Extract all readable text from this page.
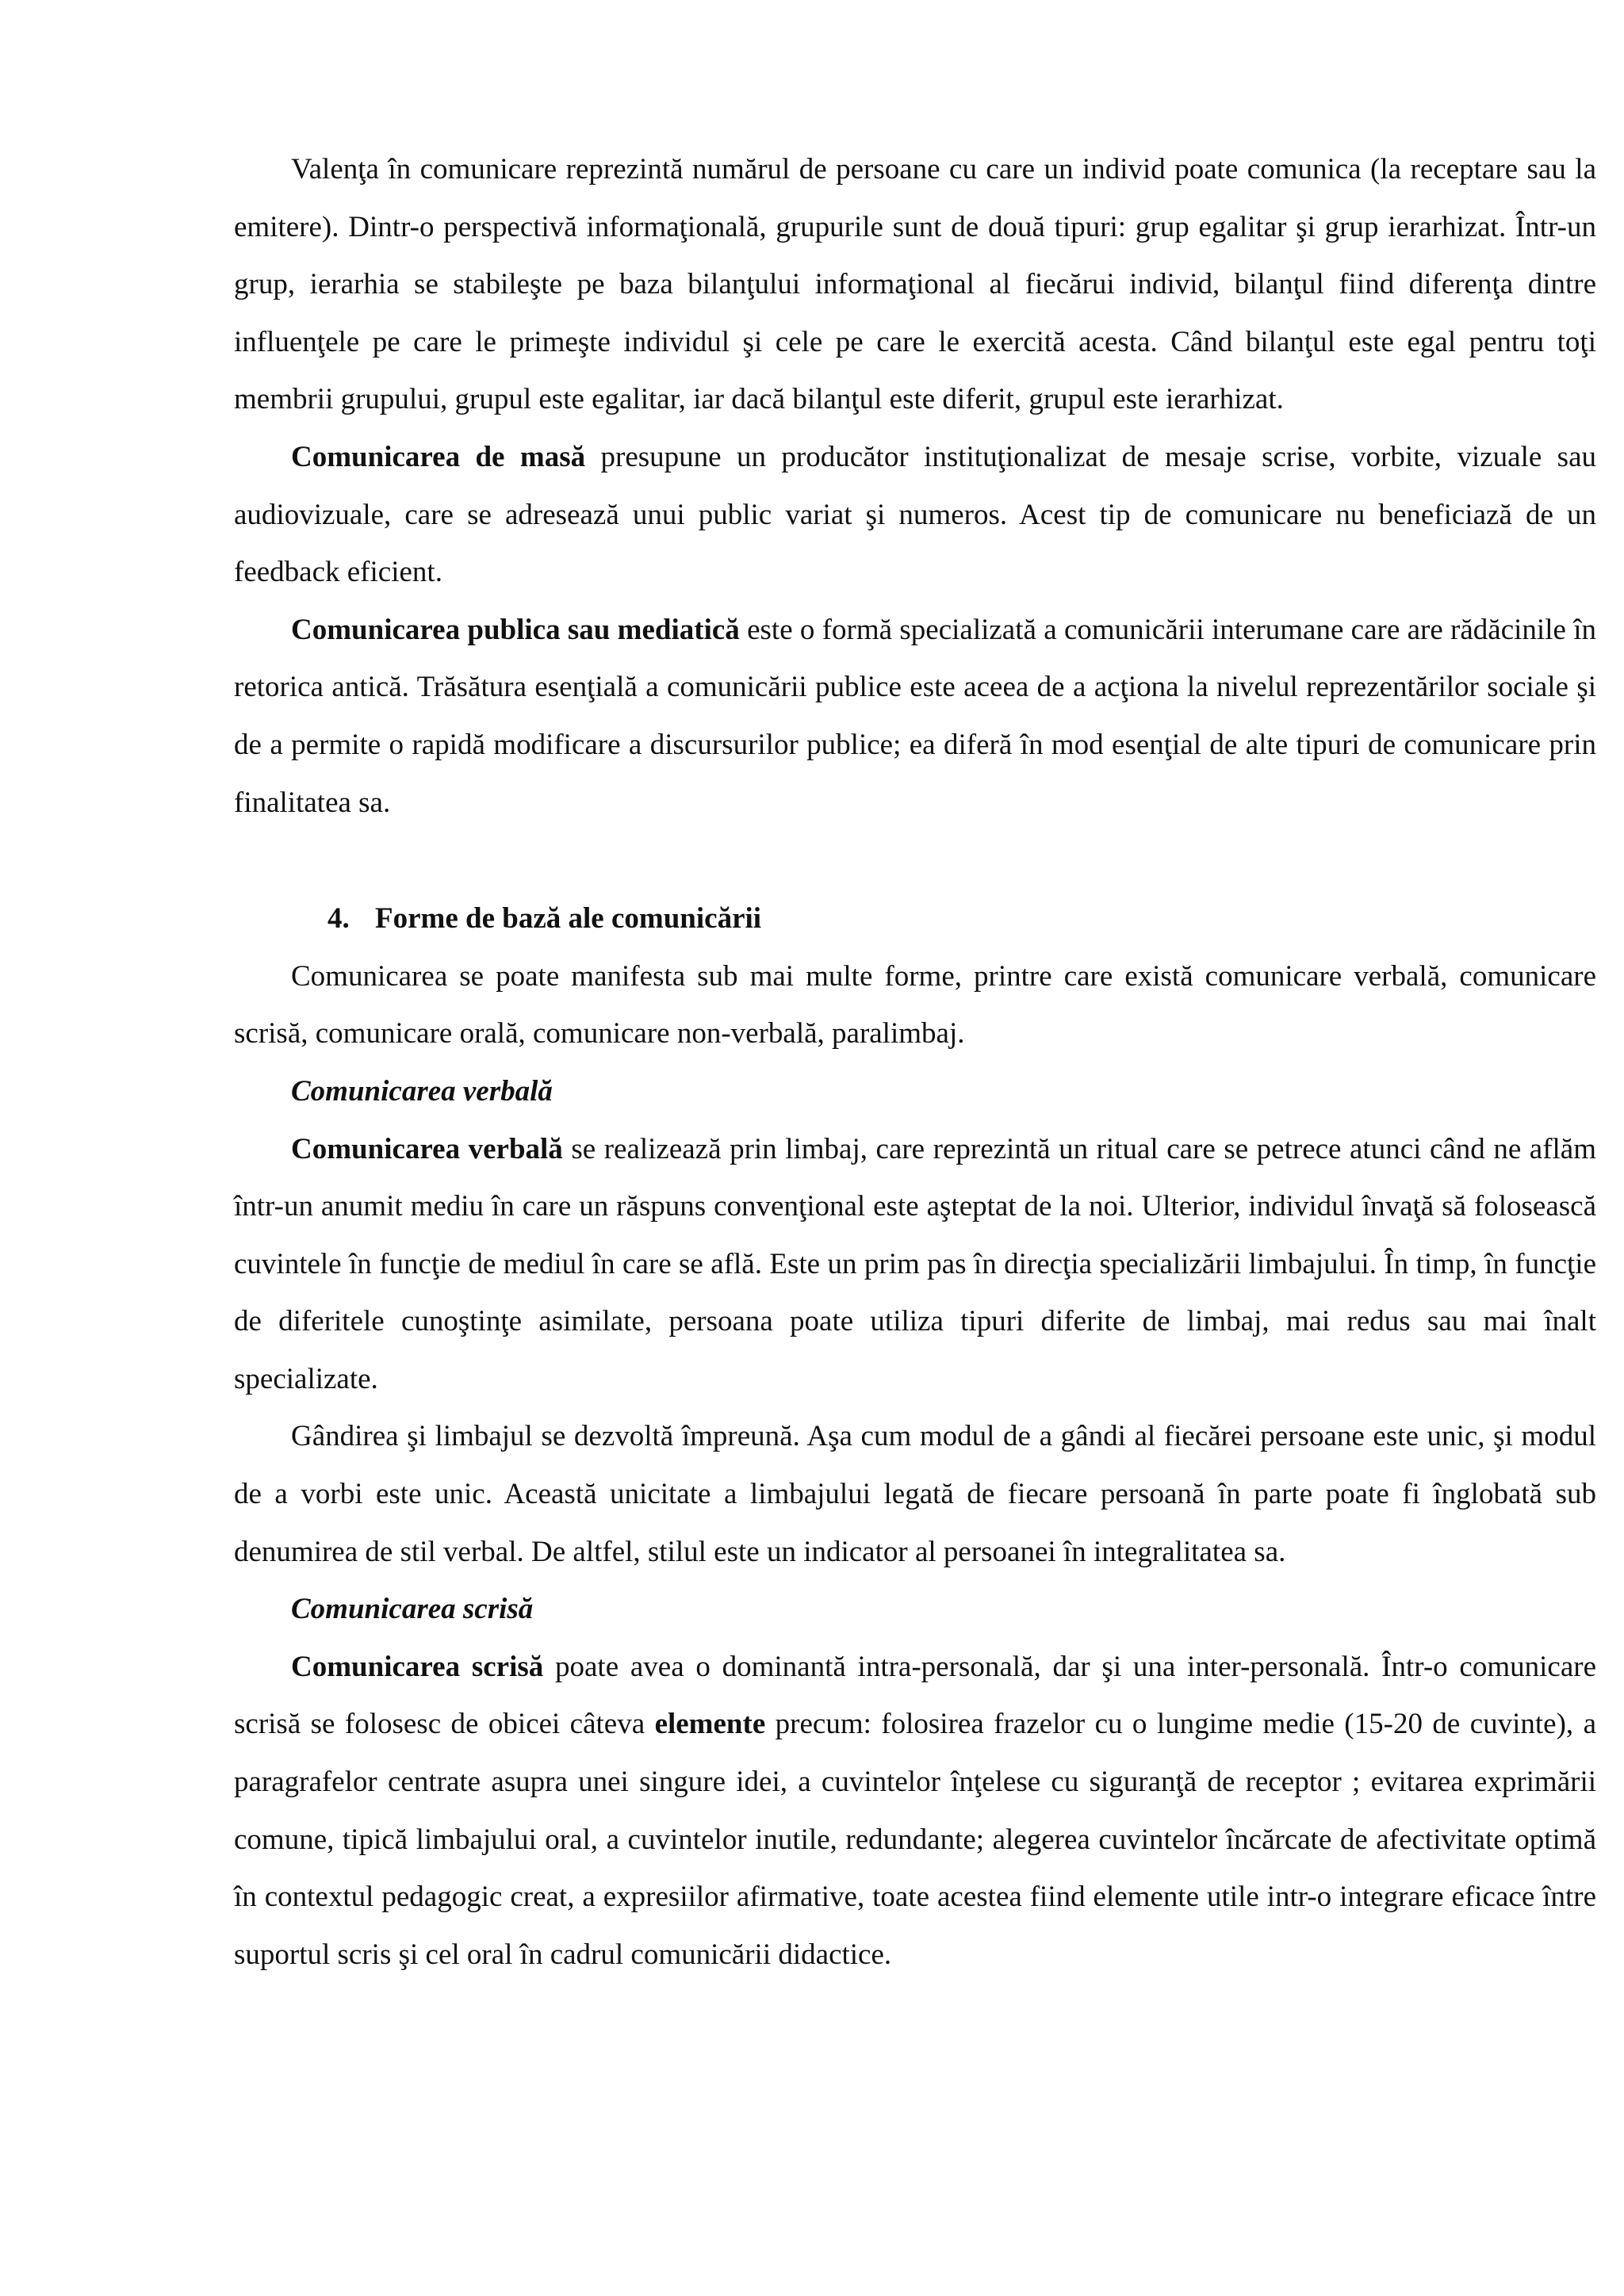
Valenţa în comunicare reprezintă numărul de persoane cu care un individ poate comunica (la receptare sau la emitere). Dintr-o perspectivă informaţională, grupurile sunt de două tipuri: grup egalitar şi grup ierarhizat. Într-un grup, ierarhia se stabileşte pe baza bilanţului informaţional al fiecărui individ, bilanţul fiind diferenţa dintre influenţele pe care le primeşte individul şi cele pe care le exercită acesta. Când bilanţul este egal pentru toţi membrii grupului, grupul este egalitar, iar dacă bilanţul este diferit, grupul este ierarhizat.

Comunicarea de masă presupune un producător instituţionalizat de mesaje scrise, vorbite, vizuale sau audiovizuale, care se adresează unui public variat şi numeros. Acest tip de comunicare nu beneficiază de un feedback eficient.

Comunicarea publica sau mediatică este o formă specializată a comunicării interumane care are rădăcinile în retorica antică. Trăsătura esenţială a comunicării publice este aceea de a acţiona la nivelul reprezentărilor sociale şi de a permite o rapidă modificare a discursurilor publice; ea diferă în mod esenţial de alte tipuri de comunicare prin finalitatea sa.

4. Forme de bază ale comunicării

Comunicarea se poate manifesta sub mai multe forme, printre care există comunicare verbală, comunicare scrisă, comunicare orală, comunicare non-verbală, paralimbaj.

Comunicarea verbală

Comunicarea verbală se realizează prin limbaj, care reprezintă un ritual care se petrece atunci când ne aflăm într-un anumit mediu în care un răspuns convenţional este aşteptat de la noi. Ulterior, individul învaţă să folosească cuvintele în funcţie de mediul în care se află. Este un prim pas în direcţia specializării limbajului. În timp, în funcţie de diferitele cunoştinţe asimilate, persoana poate utiliza tipuri diferite de limbaj, mai redus sau mai înalt specializate.

Gândirea şi limbajul se dezvoltă împreună. Aşa cum modul de a gândi al fiecărei persoane este unic, şi modul de a vorbi este unic. Această unicitate a limbajului legată de fiecare persoană în parte poate fi înglobată sub denumirea de stil verbal. De altfel, stilul este un indicator al persoanei în integralitatea sa.

Comunicarea scrisă

Comunicarea scrisă poate avea o dominantă intra-personală, dar şi una inter-personală. Într-o comunicare scrisă se folosesc de obicei câteva elemente precum: folosirea frazelor cu o lungime medie (15-20 de cuvinte), a paragrafelor centrate asupra unei singure idei, a cuvintelor înţelese cu siguranţă de receptor ; evitarea exprimării comune, tipică limbajului oral, a cuvintelor inutile, redundante; alegerea cuvintelor încărcate de afectivitate optimă în contextul pedagogic creat, a expresiilor afirmative, toate acestea fiind elemente utile intr-o integrare eficace între suportul scris şi cel oral în cadrul comunicării didactice.
